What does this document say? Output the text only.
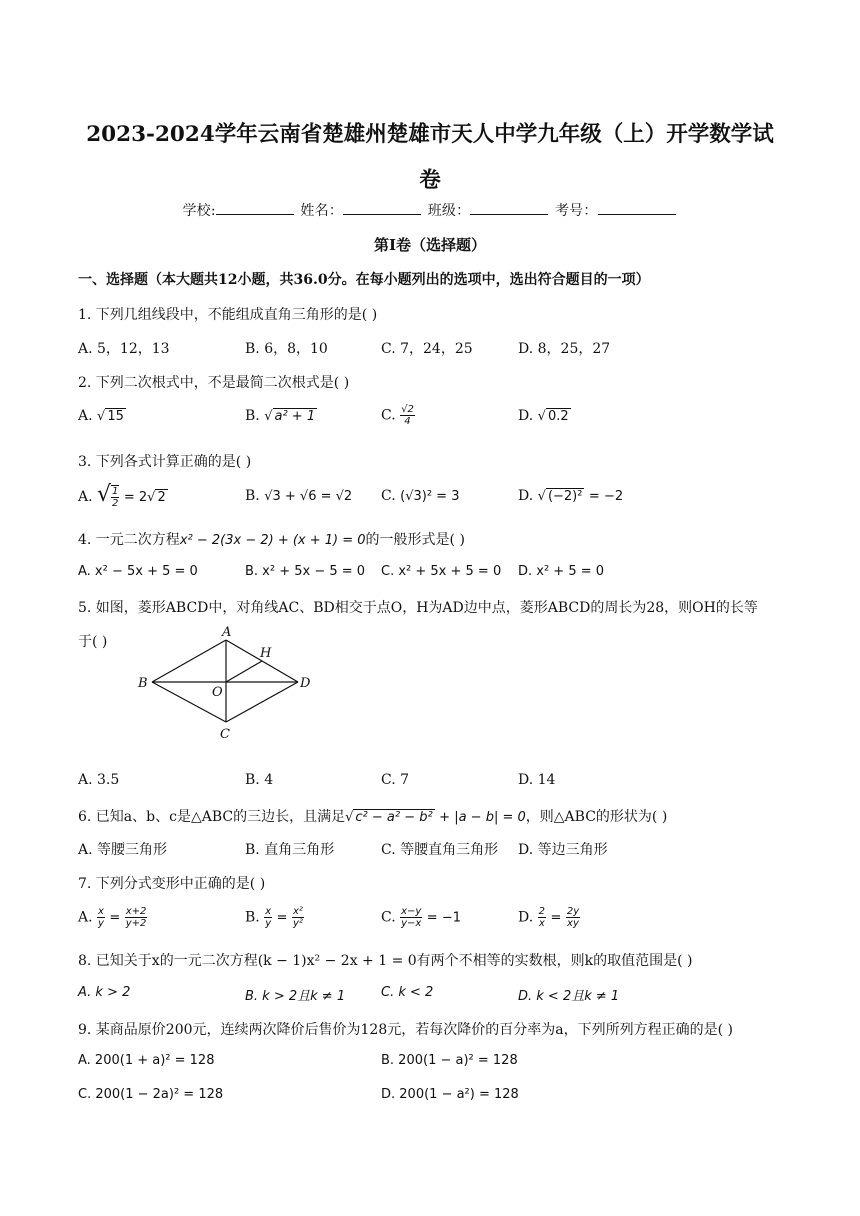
2023-2024学年云南省楚雄州楚雄市天人中学九年级（上）开学数学试
卷
学校:	姓名：	班级：	考号：
第I卷（选择题）
一、选择题（本大题共12小题，共36.0分。在每小题列出的选项中，选出符合题目的一项）
1. 下列几组线段中，不能组成直角三角形的是( )
A. 5，12，13	B. 6，8，10	C. 7，24，25	D. 8，25，27
2. 下列二次根式中，不是最简二次根式是( )
A. √ 15	B. √ a² + 1	C. $\frac{√2}{4}$	D. √ 0.2
3. 下列各式计算正确的是( )
A. √ $\frac{1}{2} = 2√$ 2	B. √3 + √6 = √2 C. (√3)² = 3	D. √ (−2)² = −2
4. 一元二次方程x² − 2(3x − 2) + (x + 1) = 0的一般形式是( )
A. x² − 5x + 5 = 0	B. x² + 5x − 5 = 0 C. x² + 5x + 5 = 0 D. x² + 5 = 0
5. 如图，菱形ABCD中，对角线AC、BD相交于点O，H为AD边中点，菱形ABCD的周长为28，则OH的长等
于( )
A
B
C
D
H
O
A. 3.5	B. 4	C. 7	D. 14
6. 已知a、b、c是△ABC的三边长，且满足√ c² − a² − b² + |a − b| = 0，则△ABC的形状为( )
A. 等腰三角形	B. 直角三角形	C. 等腰直角三角形 D. 等边三角形
7. 下列分式变形中正确的是( )
A. $\frac{x}{y} = \frac{x+2}{y+2}$	B. $\frac{x}{y} = \frac{\text{x²}}{\text{y²}}$	C. $\frac{x-y}{y-x} = -1$	D. $\frac{2}{x} = \frac{2y}{xy}$
8. 已知关于x的一元二次方程(k − 1)x² − 2x + 1 = 0有两个不相等的实数根，则k的取值范围是( )
A. k > 2	B. k > 2且k ≠ 1	C. k < 2	D. k < 2且k ≠ 1
9. 某商品原价200元，连续两次降价后售价为128元，若每次降价的百分率为a，下列所列方程正确的是( )
A. 200(1 + a)² = 128	B. 200(1 − a)² = 128
C. 200(1 − 2a)² = 128	D. 200(1 − a²) = 128
